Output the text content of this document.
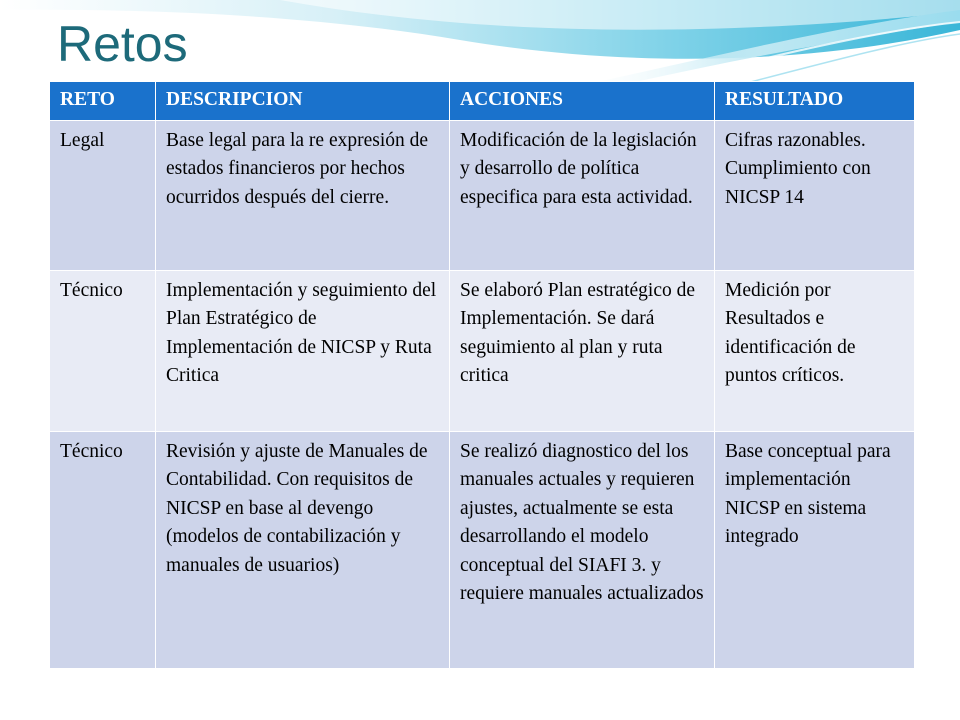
Retos
RETO	DESCRIPCION	ACCIONES	RESULTADO
Legal	Base legal para la re expresión de estados financieros por hechos ocurridos después del cierre.	Modificación de la legislación y desarrollo de política especifica para esta actividad.	Cifras razonables. Cumplimiento con NICSP 14
Técnico	Implementación y seguimiento del Plan Estratégico de Implementación de NICSP y Ruta Critica	Se elaboró Plan estratégico de Implementación. Se dará seguimiento al plan y ruta critica	Medición por Resultados e identificación de puntos críticos.
Técnico	Revisión y ajuste de Manuales de Contabilidad. Con requisitos de NICSP en base al devengo (modelos de contabilización y manuales de usuarios)	Se realizó diagnostico del los manuales actuales y requieren ajustes, actualmente se esta desarrollando el modelo conceptual del SIAFI 3. y requiere manuales actualizados	Base conceptual para implementación NICSP en sistema integrado
